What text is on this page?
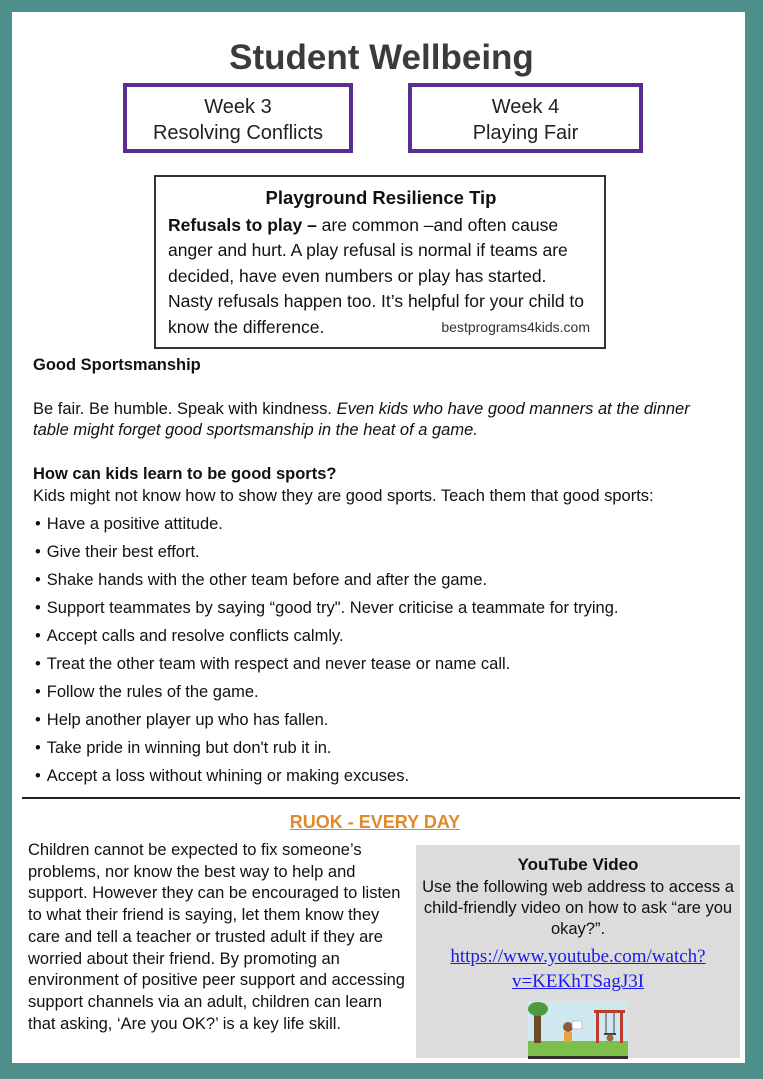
Student Wellbeing
Week 3
Resolving Conflicts
Week 4
Playing Fair
Playground Resilience Tip
Refusals to play – are common –and often cause anger and hurt. A play refusal is normal if teams are decided, have even numbers or play has started. Nasty refusals happen too. It’s helpful for your child to know the difference.	bestprograms4kids.com
Good Sportsmanship
Be fair. Be humble. Speak with kindness. Even kids who have good manners at the dinner table might forget good sportsmanship in the heat of a game.
How can kids learn to be good sports?
Kids might not know how to show they are good sports. Teach them that good sports:
• Have a positive attitude.
• Give their best effort.
• Shake hands with the other team before and after the game.
• Support teammates by saying “good try". Never criticise a teammate for trying.
• Accept calls and resolve conflicts calmly.
• Treat the other team with respect and never tease or name call.
• Follow the rules of the game.
• Help another player up who has fallen.
• Take pride in winning but don't rub it in.
• Accept a loss without whining or making excuses.
RUOK - EVERY DAY
Children cannot be expected to fix someone’s problems, nor know the best way to help and support. However they can be encouraged to listen to what their friend is saying, let them know they care and tell a teacher or trusted adult if they are worried about their friend. By promoting an environment of positive peer support and accessing support channels via an adult, children can learn that asking, ‘Are you OK?’ is a key life skill.
YouTube Video
Use the following web address to access a child-friendly video on how to ask “are you okay?”.
https://www.youtube.com/watch?
v=KEKhTSagJ3I
